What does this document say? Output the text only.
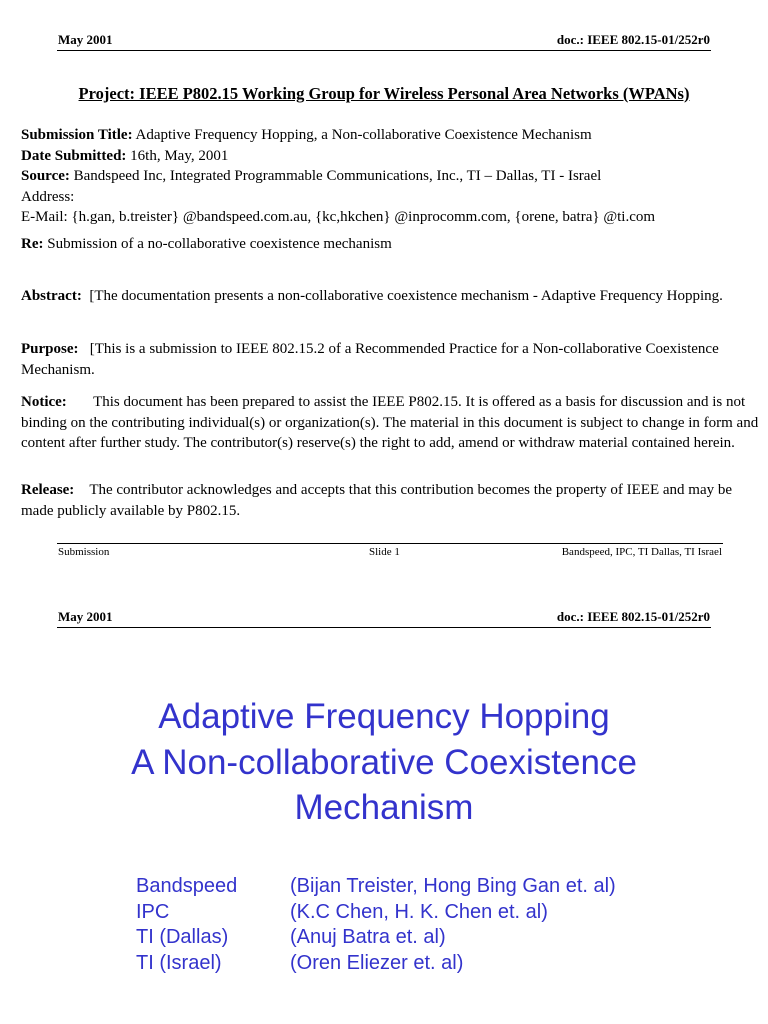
May 2001	doc.: IEEE 802.15-01/252r0
Project: IEEE P802.15 Working Group for Wireless Personal Area Networks (WPANs)
Submission Title: Adaptive Frequency Hopping, a Non-collaborative Coexistence Mechanism
Date Submitted: 16th, May, 2001
Source: Bandspeed Inc, Integrated Programmable Communications, Inc., TI – Dallas, TI - Israel
Address:
E-Mail: {h.gan, b.treister} @bandspeed.com.au, {kc,hkchen} @inprocomm.com, {orene, batra} @ti.com
Re: Submission of a no-collaborative coexistence mechanism
Abstract: [The documentation presents a non-collaborative coexistence mechanism - Adaptive Frequency Hopping.
Purpose: [This is a submission to IEEE 802.15.2 of a Recommended Practice for a Non-collaborative Coexistence Mechanism.
Notice: This document has been prepared to assist the IEEE P802.15. It is offered as a basis for discussion and is not binding on the contributing individual(s) or organization(s). The material in this document is subject to change in form and content after further study. The contributor(s) reserve(s) the right to add, amend or withdraw material contained herein.
Release: The contributor acknowledges and accepts that this contribution becomes the property of IEEE and may be made publicly available by P802.15.
Submission	Slide 1	Bandspeed, IPC, TI Dallas, TI Israel
May 2001	doc.: IEEE 802.15-01/252r0
Adaptive Frequency Hopping
A Non-collaborative Coexistence
Mechanism
Bandspeed	(Bijan Treister, Hong Bing Gan et. al)
IPC	(K.C Chen, H. K. Chen et. al)
TI (Dallas)	(Anuj Batra et. al)
TI (Israel)	(Oren Eliezer et. al)
